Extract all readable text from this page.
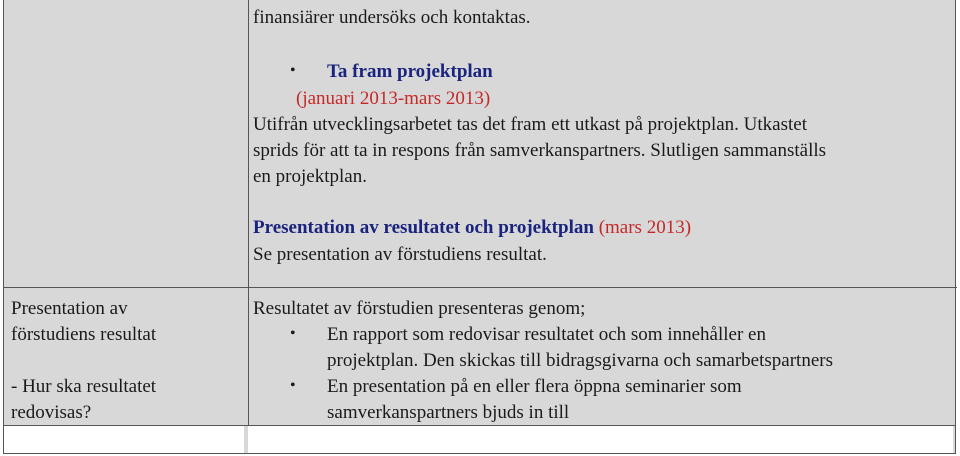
finansiärer undersöks och kontaktas.
• Ta fram projektplan
(januari 2013-mars 2013)
Utifrån utvecklingsarbetet tas det fram ett utkast på projektplan. Utkastet
sprids för att ta in respons från samverkanspartners. Slutligen sammanställs
en projektplan.
Presentation av resultatet och projektplan (mars 2013)
Se presentation av förstudiens resultat.
Presentation av
förstudiens resultat
- Hur ska resultatet
redovisas?
Resultatet av förstudien presenteras genom;
• En rapport som redovisar resultatet och som innehåller en
projektplan. Den skickas till bidragsgivarna och samarbetspartners
• En presentation på en eller flera öppna seminarier som
samverkanspartners bjuds in till
